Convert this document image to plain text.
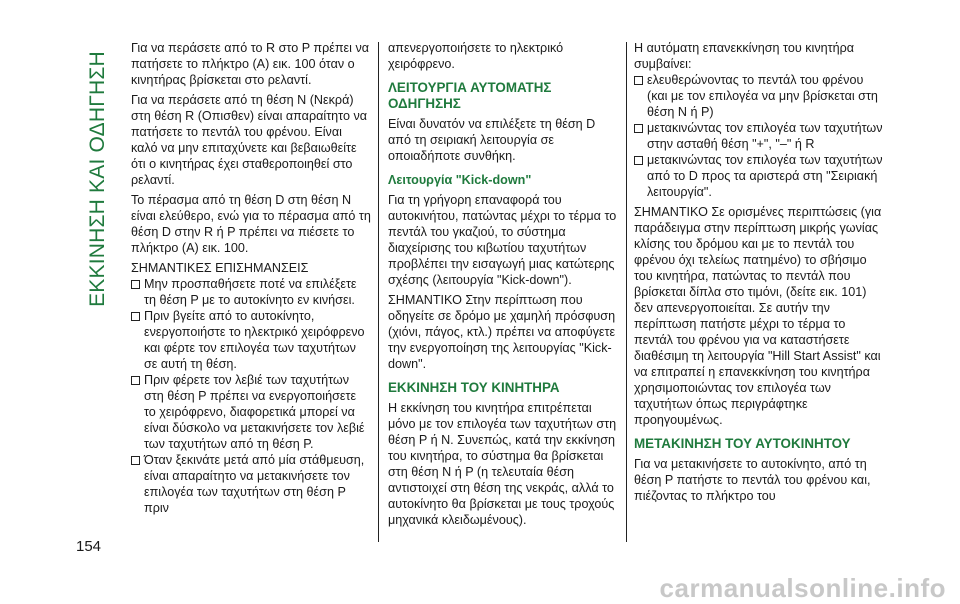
ΕΚΚΙΝΗΣΗ ΚΑΙ ΟΔΗΓΗΣΗ
154

Για να περάσετε από το R στο P πρέπει να πατήσετε το πλήκτρο (A) εικ. 100 όταν ο κινητήρας βρίσκεται στο ρελαντί.

Για να περάσετε από τη θέση N (Νεκρά) στη θέση R (Οπισθεν) είναι απαραίτητο να πατήσετε το πεντάλ του φρένου. Είναι καλό να μην επιταχύνετε και βεβαιωθείτε ότι ο κινητήρας έχει σταθεροποιηθεί στο ρελαντί.

Το πέρασμα από τη θέση D στη θέση N είναι ελεύθερο, ενώ για το πέρασμα από τη θέση D στην R ή P πρέπει να πιέσετε το πλήκτρο (A) εικ. 100.

ΣΗΜΑΝΤΙΚΕΣ ΕΠΙΣΗΜΑΝΣΕΙΣ

Μην προσπαθήσετε ποτέ να επιλέξετε τη θέση P με το αυτοκίνητο εν κινήσει.
Πριν βγείτε από το αυτοκίνητο, ενεργοποιήστε το ηλεκτρικό χειρόφρενο και φέρτε τον επιλογέα των ταχυτήτων σε αυτή τη θέση.
Πριν φέρετε τον λεβιέ των ταχυτήτων στη θέση P πρέπει να ενεργοποιήσετε το χειρόφρενο, διαφορετικά μπορεί να είναι δύσκολο να μετακινήσετε τον λεβιέ των ταχυτήτων από τη θέση P.
Όταν ξεκινάτε μετά από μία στάθμευση, είναι απαραίτητο να μετακινήσετε τον επιλογέα των ταχυτήτων στη θέση P πριν

απενεργοποιήσετε το ηλεκτρικό χειρόφρενο.

ΛΕΙΤΟΥΡΓΙΑ ΑΥΤΟΜΑΤΗΣ ΟΔΗΓΗΣΗΣ

Είναι δυνατόν να επιλέξετε τη θέση D από τη σειριακή λειτουργία σε οποιαδήποτε συνθήκη.

Λειτουργία "Kick-down"

Για τη γρήγορη επαναφορά του αυτοκινήτου, πατώντας μέχρι το τέρμα το πεντάλ του γκαζιού, το σύστημα διαχείρισης του κιβωτίου ταχυτήτων προβλέπει την εισαγωγή μιας κατώτερης σχέσης (λειτουργία "Kick-down").

ΣΗΜΑΝΤΙΚΟ Στην περίπτωση που οδηγείτε σε δρόμο με χαμηλή πρόσφυση (χιόνι, πάγος, κτλ.) πρέπει να αποφύγετε την ενεργοποίηση της λειτουργίας "Kick-down".

ΕΚΚΙΝΗΣΗ ΤΟΥ ΚΙΝΗΤΗΡΑ

Η εκκίνηση του κινητήρα επιτρέπεται μόνο με τον επιλογέα των ταχυτήτων στη θέση P ή N. Συνεπώς, κατά την εκκίνηση του κινητήρα, το σύστημα θα βρίσκεται στη θέση N ή P (η τελευταία θέση αντιστοιχεί στη θέση της νεκράς, αλλά το αυτοκίνητο θα βρίσκεται με τους τροχούς μηχανικά κλειδωμένους).

Η αυτόματη επανεκκίνηση του κινητήρα συμβαίνει:

ελευθερώνοντας το πεντάλ του φρένου (και με τον επιλογέα να μην βρίσκεται στη θέση N ή P)
μετακινώντας τον επιλογέα των ταχυτήτων στην ασταθή θέση "+", "–" ή R
μετακινώντας τον επιλογέα των ταχυτήτων από το D προς τα αριστερά στη "Σειριακή λειτουργία".

ΣΗΜΑΝΤΙΚΟ Σε ορισμένες περιπτώσεις (για παράδειγμα στην περίπτωση μικρής γωνίας κλίσης του δρόμου και με το πεντάλ του φρένου όχι τελείως πατημένο) το σβήσιμο του κινητήρα, πατώντας το πεντάλ που βρίσκεται δίπλα στο τιμόνι, (δείτε εικ. 101) δεν απενεργοποιείται. Σε αυτήν την περίπτωση πατήστε μέχρι το τέρμα το πεντάλ του φρένου για να καταστήσετε διαθέσιμη τη λειτουργία "Hill Start Assist" και να επιτραπεί η επανεκκίνηση του κινητήρα χρησιμοποιώντας τον επιλογέα των ταχυτήτων όπως περιγράφτηκε προηγουμένως.

ΜΕΤΑΚΙΝΗΣΗ ΤΟΥ ΑΥΤΟΚΙΝΗΤΟΥ

Για να μετακινήσετε το αυτοκίνητο, από τη θέση P πατήστε το πεντάλ του φρένου και, πιέζοντας το πλήκτρο του

carmanualsonline.info
